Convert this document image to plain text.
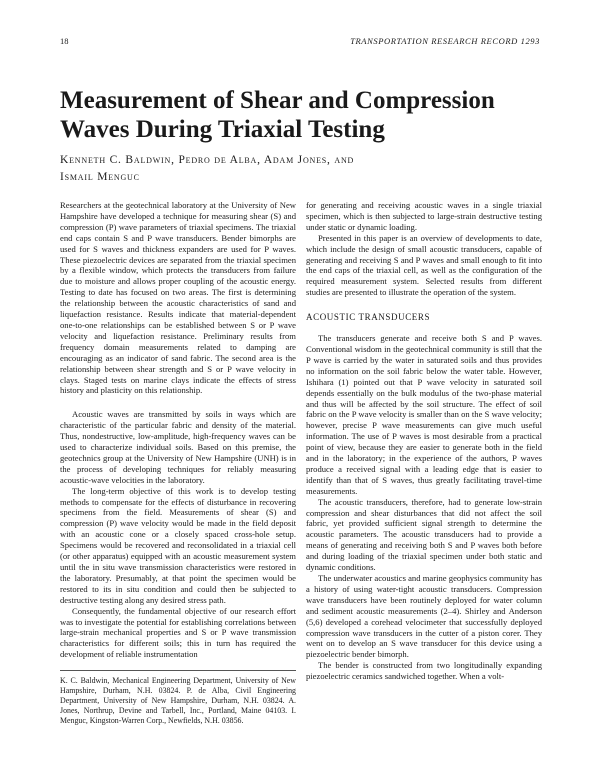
18	TRANSPORTATION RESEARCH RECORD 1293
Measurement of Shear and Compression Waves During Triaxial Testing
Kenneth C. Baldwin, Pedro de Alba, Adam Jones, and
Ismail Menguc

Researchers at the geotechnical laboratory at the University of New Hampshire have developed a technique for measuring shear (S) and compression (P) wave parameters of triaxial specimens. The triaxial end caps contain S and P wave transducers. Bender bimorphs are used for S waves and thickness expanders are used for P waves. These piezoelectric devices are separated from the triaxial specimen by a flexible window, which protects the transducers from failure due to moisture and allows proper coupling of the acoustic energy. Testing to date has focused on two areas. The first is determining the relationship between the acoustic characteristics of sand and liquefaction resistance. Results indicate that material-dependent one-to-one relationships can be established between S or P wave velocity and liquefaction resistance. Preliminary results from frequency domain measurements related to damping are encouraging as an indicator of sand fabric. The second area is the relationship between shear strength and S or P wave velocity in clays. Staged tests on marine clays indicate the effects of stress history and plasticity on this relationship.

Acoustic waves are transmitted by soils in ways which are characteristic of the particular fabric and density of the material. Thus, nondestructive, low-amplitude, high-frequency waves can be used to characterize individual soils. Based on this premise, the geotechnics group at the University of New Hampshire (UNH) is in the process of developing techniques for reliably measuring acoustic-wave velocities in the laboratory.

The long-term objective of this work is to develop testing methods to compensate for the effects of disturbance in recovering specimens from the field. Measurements of shear (S) and compression (P) wave velocity would be made in the field deposit with an acoustic cone or a closely spaced cross-hole setup. Specimens would be recovered and reconsolidated in a triaxial cell (or other apparatus) equipped with an acoustic measurement system until the in situ wave transmission characteristics were restored in the laboratory. Presumably, at that point the specimen would be restored to its in situ condition and could then be subjected to destructive testing along any desired stress path.

Consequently, the fundamental objective of our research effort was to investigate the potential for establishing correlations between large-strain mechanical properties and S or P wave transmission characteristics for different soils; this in turn has required the development of reliable instrumentation

K. C. Baldwin, Mechanical Engineering Department, University of New Hampshire, Durham, N.H. 03824. P. de Alba, Civil Engineering Department, University of New Hampshire, Durham, N.H. 03824. A. Jones, Northrup, Devine and Tarbell, Inc., Portland, Maine 04103. I. Menguc, Kingston-Warren Corp., Newfields, N.H. 03856.

for generating and receiving acoustic waves in a single triaxial specimen, which is then subjected to large-strain destructive testing under static or dynamic loading.

Presented in this paper is an overview of developments to date, which include the design of small acoustic transducers, capable of generating and receiving S and P waves and small enough to fit into the end caps of the triaxial cell, as well as the configuration of the required measurement system. Selected results from different studies are presented to illustrate the operation of the system.

ACOUSTIC TRANSDUCERS

The transducers generate and receive both S and P waves. Conventional wisdom in the geotechnical community is still that the P wave is carried by the water in saturated soils and thus provides no information on the soil fabric below the water table. However, Ishihara (1) pointed out that P wave velocity in saturated soil depends essentially on the bulk modulus of the two-phase material and thus will be affected by the soil structure. The effect of soil fabric on the P wave velocity is smaller than on the S wave velocity; however, precise P wave measurements can give much useful information. The use of P waves is most desirable from a practical point of view, because they are easier to generate both in the field and in the laboratory; in the experience of the authors, P waves produce a received signal with a leading edge that is easier to identify than that of S waves, thus greatly facilitating travel-time measurements.

The acoustic transducers, therefore, had to generate low-strain compression and shear disturbances that did not affect the soil fabric, yet provided sufficient signal strength to determine the acoustic parameters. The acoustic transducers had to provide a means of generating and receiving both S and P waves both before and during loading of the triaxial specimen under both static and dynamic conditions.

The underwater acoustics and marine geophysics community has a history of using water-tight acoustic transducers. Compression wave transducers have been routinely deployed for water column and sediment acoustic measurements (2–4). Shirley and Anderson (5,6) developed a corehead velocimeter that successfully deployed compression wave transducers in the cutter of a piston corer. They went on to develop an S wave transducer for this device using a piezoelectric bender bimorph.

The bender is constructed from two longitudinally expanding piezoelectric ceramics sandwiched together. When a volt-
